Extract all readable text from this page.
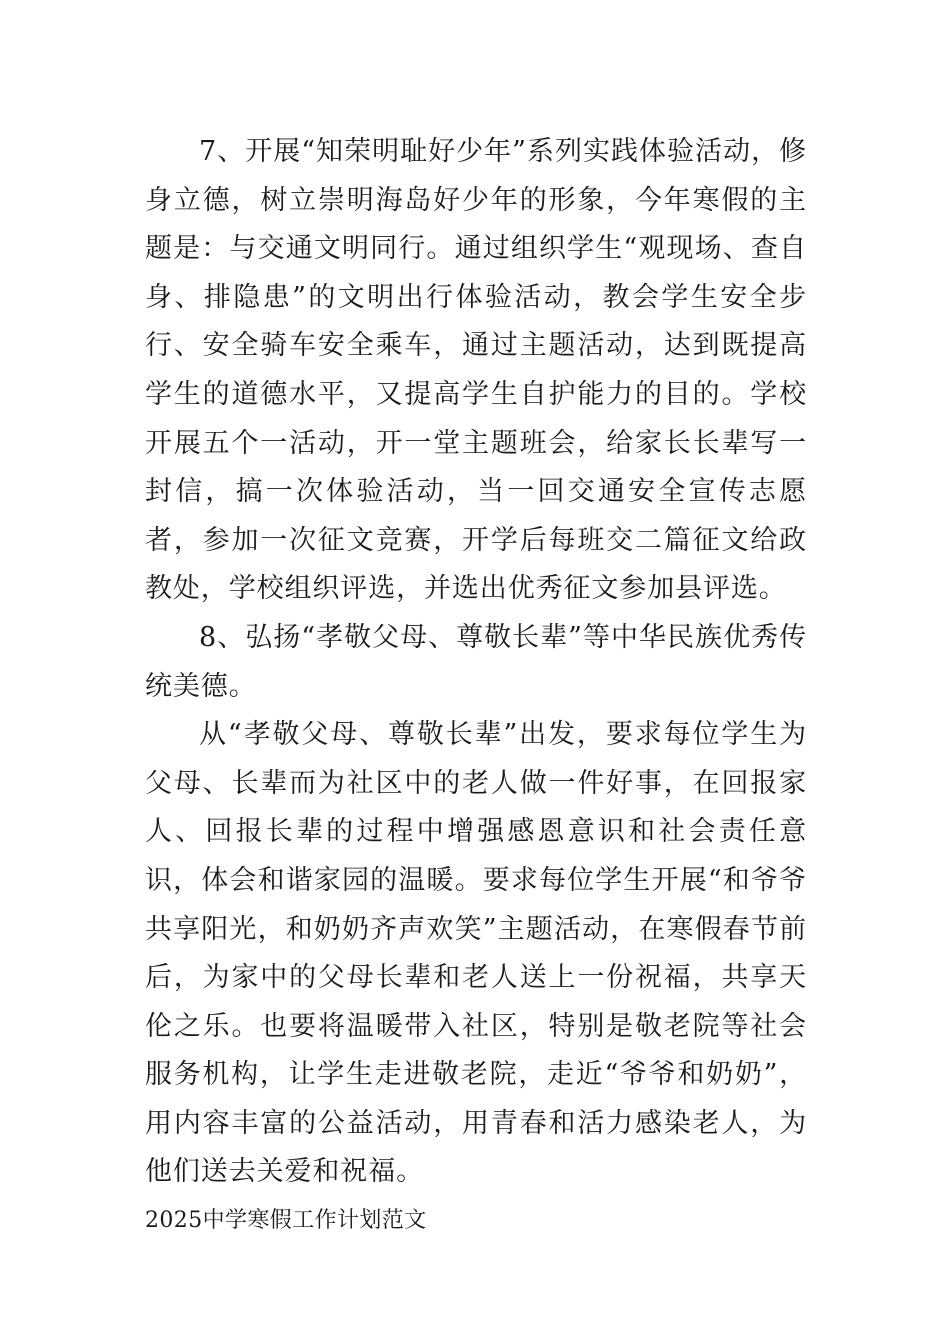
7、开展“知荣明耻好少年”系列实践体验活动，修身立德，树立崇明海岛好少年的形象，今年寒假的主题是：与交通文明同行。通过组织学生“观现场、查自身、排隐患”的文明出行体验活动，教会学生安全步行、安全骑车安全乘车，通过主题活动，达到既提高学生的道德水平，又提高学生自护能力的目的。学校开展五个一活动，开一堂主题班会，给家长长辈写一封信，搞一次体验活动，当一回交通安全宣传志愿者，参加一次征文竞赛，开学后每班交二篇征文给政教处，学校组织评选，并选出优秀征文参加县评选。

8、弘扬“孝敬父母、尊敬长辈”等中华民族优秀传统美德。

从“孝敬父母、尊敬长辈”出发，要求每位学生为父母、长辈而为社区中的老人做一件好事，在回报家人、回报长辈的过程中增强感恩意识和社会责任意识，体会和谐家园的温暖。要求每位学生开展“和爷爷共享阳光，和奶奶齐声欢笑”主题活动，在寒假春节前后，为家中的父母长辈和老人送上一份祝福，共享天伦之乐。也要将温暖带入社区，特别是敬老院等社会服务机构，让学生走进敬老院，走近“爷爷和奶奶”，用内容丰富的公益活动，用青春和活力感染老人，为他们送去关爱和祝福。

2025中学寒假工作计划范文
